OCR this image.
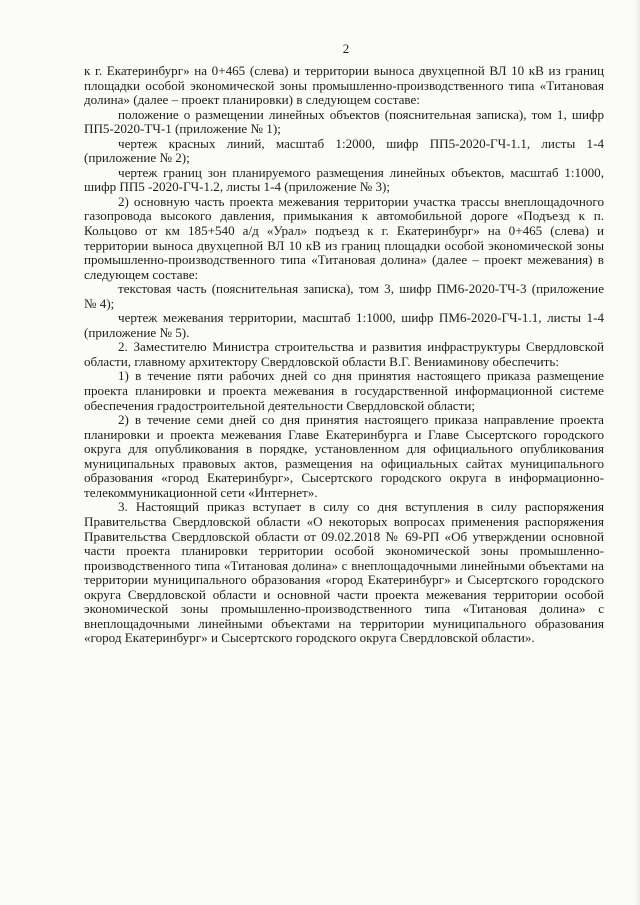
2

к г. Екатеринбург» на 0+465 (слева) и территории выноса двухцепной ВЛ 10 кВ из границ площадки особой экономической зоны промышленно-производственного типа «Титановая долина» (далее – проект планировки) в следующем составе:

положение о размещении линейных объектов (пояснительная записка), том 1, шифр ПП5-2020-ТЧ-1 (приложение № 1);

чертеж красных линий, масштаб 1:2000, шифр ПП5-2020-ГЧ-1.1, листы 1-4 (приложение № 2);

чертеж границ зон планируемого размещения линейных объектов, масштаб 1:1000, шифр ПП5 -2020-ГЧ-1.2, листы 1-4 (приложение № 3);

2) основную часть проекта межевания территории участка трассы внеплощадочного газопровода высокого давления, примыкания к автомобильной дороге «Подъезд к п. Кольцово от км 185+540 а/д «Урал» подъезд к г. Екатеринбург» на 0+465 (слева) и территории выноса двухцепной ВЛ 10 кВ из границ площадки особой экономической зоны промышленно-производственного типа «Титановая долина» (далее – проект межевания) в следующем составе:

текстовая часть (пояснительная записка), том 3, шифр ПМ6-2020-ТЧ-3 (приложение № 4);

чертеж межевания территории, масштаб 1:1000, шифр ПМ6-2020-ГЧ-1.1, листы 1-4 (приложение № 5).

2. Заместителю Министра строительства и развития инфраструктуры Свердловской области, главному архитектору Свердловской области В.Г. Вениаминову обеспечить:

1) в течение пяти рабочих дней со дня принятия настоящего приказа размещение проекта планировки и проекта межевания в государственной информационной системе обеспечения градостроительной деятельности Свердловской области;

2) в течение семи дней со дня принятия настоящего приказа направление проекта планировки и проекта межевания Главе Екатеринбурга и Главе Сысертского городского округа для опубликования в порядке, установленном для официального опубликования муниципальных правовых актов, размещения на официальных сайтах муниципального образования «город Екатеринбург», Сысертского городского округа в информационно-телекоммуникационной сети «Интернет».

3. Настоящий приказ вступает в силу со дня вступления в силу распоряжения Правительства Свердловской области «О некоторых вопросах применения распоряжения Правительства Свердловской области от 09.02.2018 № 69-РП «Об утверждении основной части проекта планировки территории особой экономической зоны промышленно-производственного типа «Титановая долина» с внеплощадочными линейными объектами на территории муниципального образования «город Екатеринбург» и Сысертского городского округа Свердловской области и основной части проекта межевания территории особой экономической зоны промышленно-производственного типа «Титановая долина» с внеплощадочными линейными объектами на территории муниципального образования «город Екатеринбург» и Сысертского городского округа Свердловской области».
